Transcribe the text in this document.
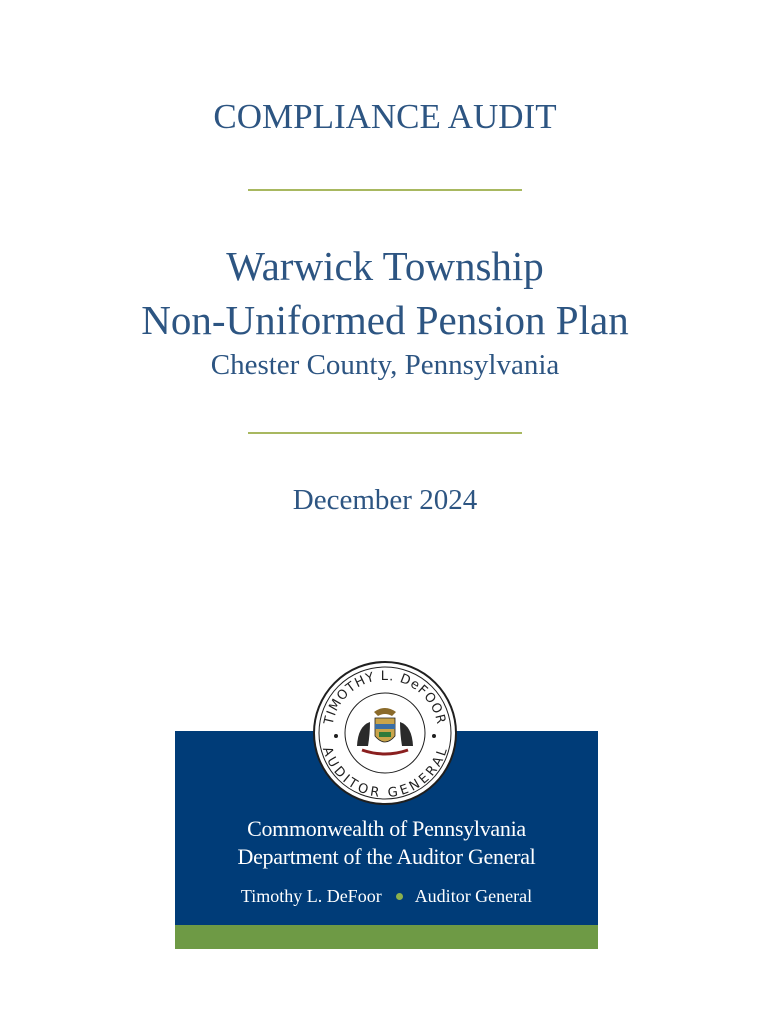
COMPLIANCE AUDIT
Warwick Township
Non-Uniformed Pension Plan
Chester County, Pennsylvania
December 2024
Commonwealth of Pennsylvania
Department of the Auditor General
Timothy L. DeFoor Auditor General
TIMOTHY L. DeFOOR
AUDITOR GENERAL
